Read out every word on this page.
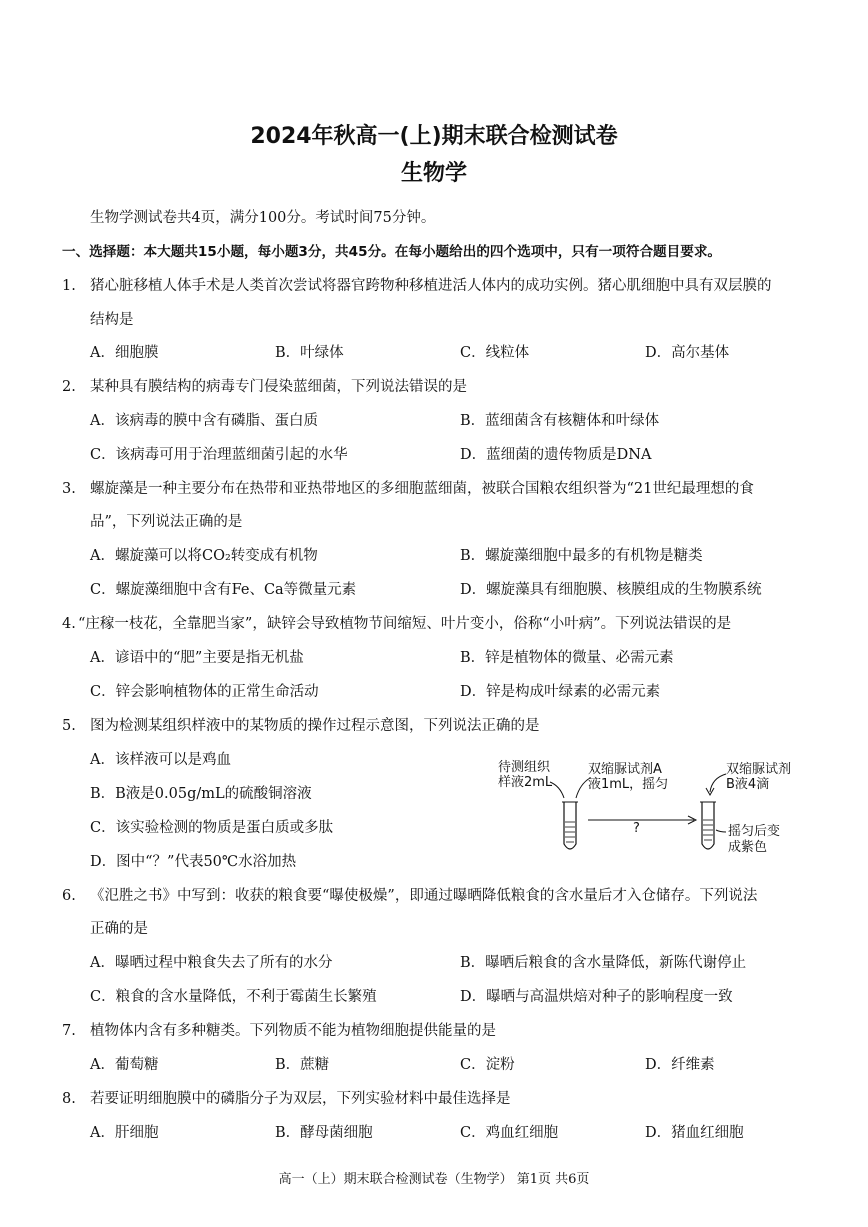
2024年秋高一(上)期末联合检测试卷
生物学
生物学测试卷共4页，满分100分。考试时间75分钟。
一、选择题：本大题共15小题，每小题3分，共45分。在每小题给出的四个选项中，只有一项符合题目要求。
1. 猪心脏移植人体手术是人类首次尝试将器官跨物种移植进活人体内的成功实例。猪心肌细胞中具有双层膜的
结构是
A．细胞膜	B．叶绿体	C．线粒体	D．高尔基体
2. 某种具有膜结构的病毒专门侵染蓝细菌，下列说法错误的是
A．该病毒的膜中含有磷脂、蛋白质	B．蓝细菌含有核糖体和叶绿体
C．该病毒可用于治理蓝细菌引起的水华	D．蓝细菌的遗传物质是DNA
3. 螺旋藻是一种主要分布在热带和亚热带地区的多细胞蓝细菌，被联合国粮农组织誉为“21世纪最理想的食
品”，下列说法正确的是
A．螺旋藻可以将CO₂转变成有机物	B．螺旋藻细胞中最多的有机物是糖类
C．螺旋藻细胞中含有Fe、Ca等微量元素	D．螺旋藻具有细胞膜、核膜组成的生物膜系统
4. “庄稼一枝花，全靠肥当家”，缺锌会导致植物节间缩短、叶片变小，俗称“小叶病”。下列说法错误的是
A．谚语中的“肥”主要是指无机盐	B．锌是植物体的微量、必需元素
C．锌会影响植物体的正常生命活动	D．锌是构成叶绿素的必需元素
5. 图为检测某组织样液中的某物质的操作过程示意图，下列说法正确的是
A．该样液可以是鸡血
B．B液是0.05g/mL的硫酸铜溶液
C．该实验检测的物质是蛋白质或多肽
D．图中“？”代表50℃水浴加热
待测组织
样液2mL
双缩脲试剂A
液1mL，摇匀
?
双缩脲试剂
B液4滴
摇匀后变
成紫色
6. 《氾胜之书》中写到：收获的粮食要“曝使极燥”，即通过曝晒降低粮食的含水量后才入仓储存。下列说法
正确的是
A．曝晒过程中粮食失去了所有的水分	B．曝晒后粮食的含水量降低，新陈代谢停止
C．粮食的含水量降低，不利于霉菌生长繁殖	D．曝晒与高温烘焙对种子的影响程度一致
7. 植物体内含有多种糖类。下列物质不能为植物细胞提供能量的是
A．葡萄糖	B．蔗糖	C．淀粉	D．纤维素
8. 若要证明细胞膜中的磷脂分子为双层，下列实验材料中最佳选择是
A．肝细胞	B．酵母菌细胞	C．鸡血红细胞	D．猪血红细胞
高一（上）期末联合检测试卷（生物学） 第1页 共6页
